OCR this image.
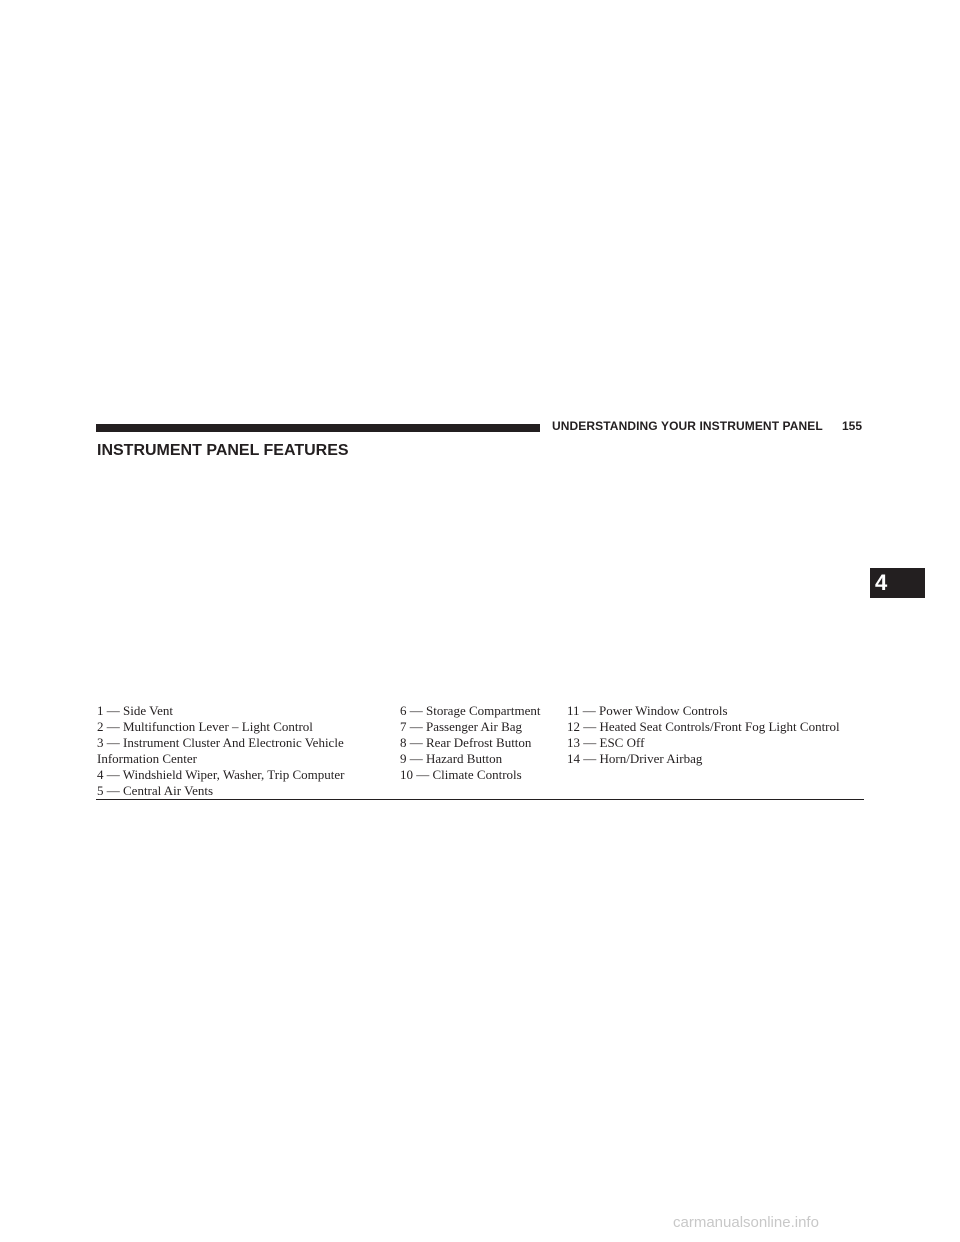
UNDERSTANDING YOUR INSTRUMENT PANEL 155
INSTRUMENT PANEL FEATURES
4
1 — Side Vent
2 — Multifunction Lever – Light Control
3 — Instrument Cluster And Electronic Vehicle
Information Center
4 — Windshield Wiper, Washer, Trip Computer
5 — Central Air Vents
6 — Storage Compartment
7 — Passenger Air Bag
8 — Rear Defrost Button
9 — Hazard Button
10 — Climate Controls
11 — Power Window Controls
12 — Heated Seat Controls/Front Fog Light Control
13 — ESC Off
14 — Horn/Driver Airbag
carmanualsonline.info
